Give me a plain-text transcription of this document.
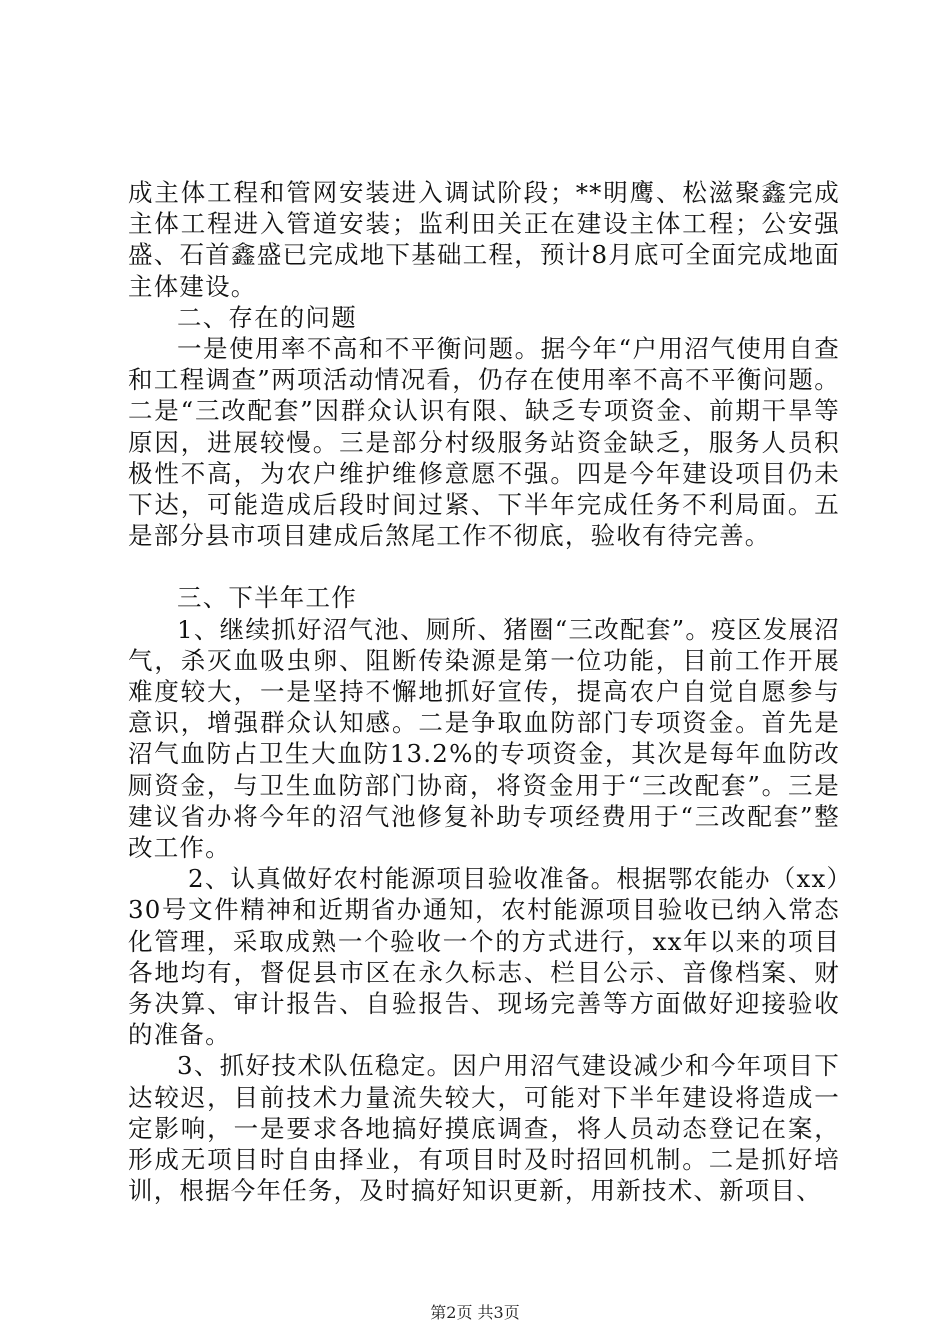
成主体工程和管网安装进入调试阶段；**明鹰、松滋聚鑫完成主体工程进入管道安装；监利田关正在建设主体工程；公安强盛、石首鑫盛已完成地下基础工程，预计8月底可全面完成地面主体建设。

二、存在的问题

一是使用率不高和不平衡问题。据今年“户用沼气使用自查和工程调查”两项活动情况看，仍存在使用率不高不平衡问题。二是“三改配套”因群众认识有限、缺乏专项资金、前期干旱等原因，进展较慢。三是部分村级服务站资金缺乏，服务人员积极性不高，为农户维护维修意愿不强。四是今年建设项目仍未下达，可能造成后段时间过紧、下半年完成任务不利局面。五是部分县市项目建成后煞尾工作不彻底，验收有待完善。

三、下半年工作

1、继续抓好沼气池、厕所、猪圈“三改配套”。疫区发展沼气，杀灭血吸虫卵、阻断传染源是第一位功能，目前工作开展难度较大，一是坚持不懈地抓好宣传，提高农户自觉自愿参与意识，增强群众认知感。二是争取血防部门专项资金。首先是沼气血防占卫生大血防13.2%的专项资金，其次是每年血防改厕资金，与卫生血防部门协商，将资金用于“三改配套”。三是建议省办将今年的沼气池修复补助专项经费用于“三改配套”整改工作。

2、认真做好农村能源项目验收准备。根据鄂农能办（xx）30号文件精神和近期省办通知，农村能源项目验收已纳入常态化管理，采取成熟一个验收一个的方式进行，xx年以来的项目各地均有，督促县市区在永久标志、栏目公示、音像档案、财务决算、审计报告、自验报告、现场完善等方面做好迎接验收的准备。

3、抓好技术队伍稳定。因户用沼气建设减少和今年项目下达较迟，目前技术力量流失较大，可能对下半年建设将造成一定影响，一是要求各地搞好摸底调查，将人员动态登记在案，形成无项目时自由择业，有项目时及时招回机制。二是抓好培训，根据今年任务，及时搞好知识更新，用新技术、新项目、

第2页 共3页
